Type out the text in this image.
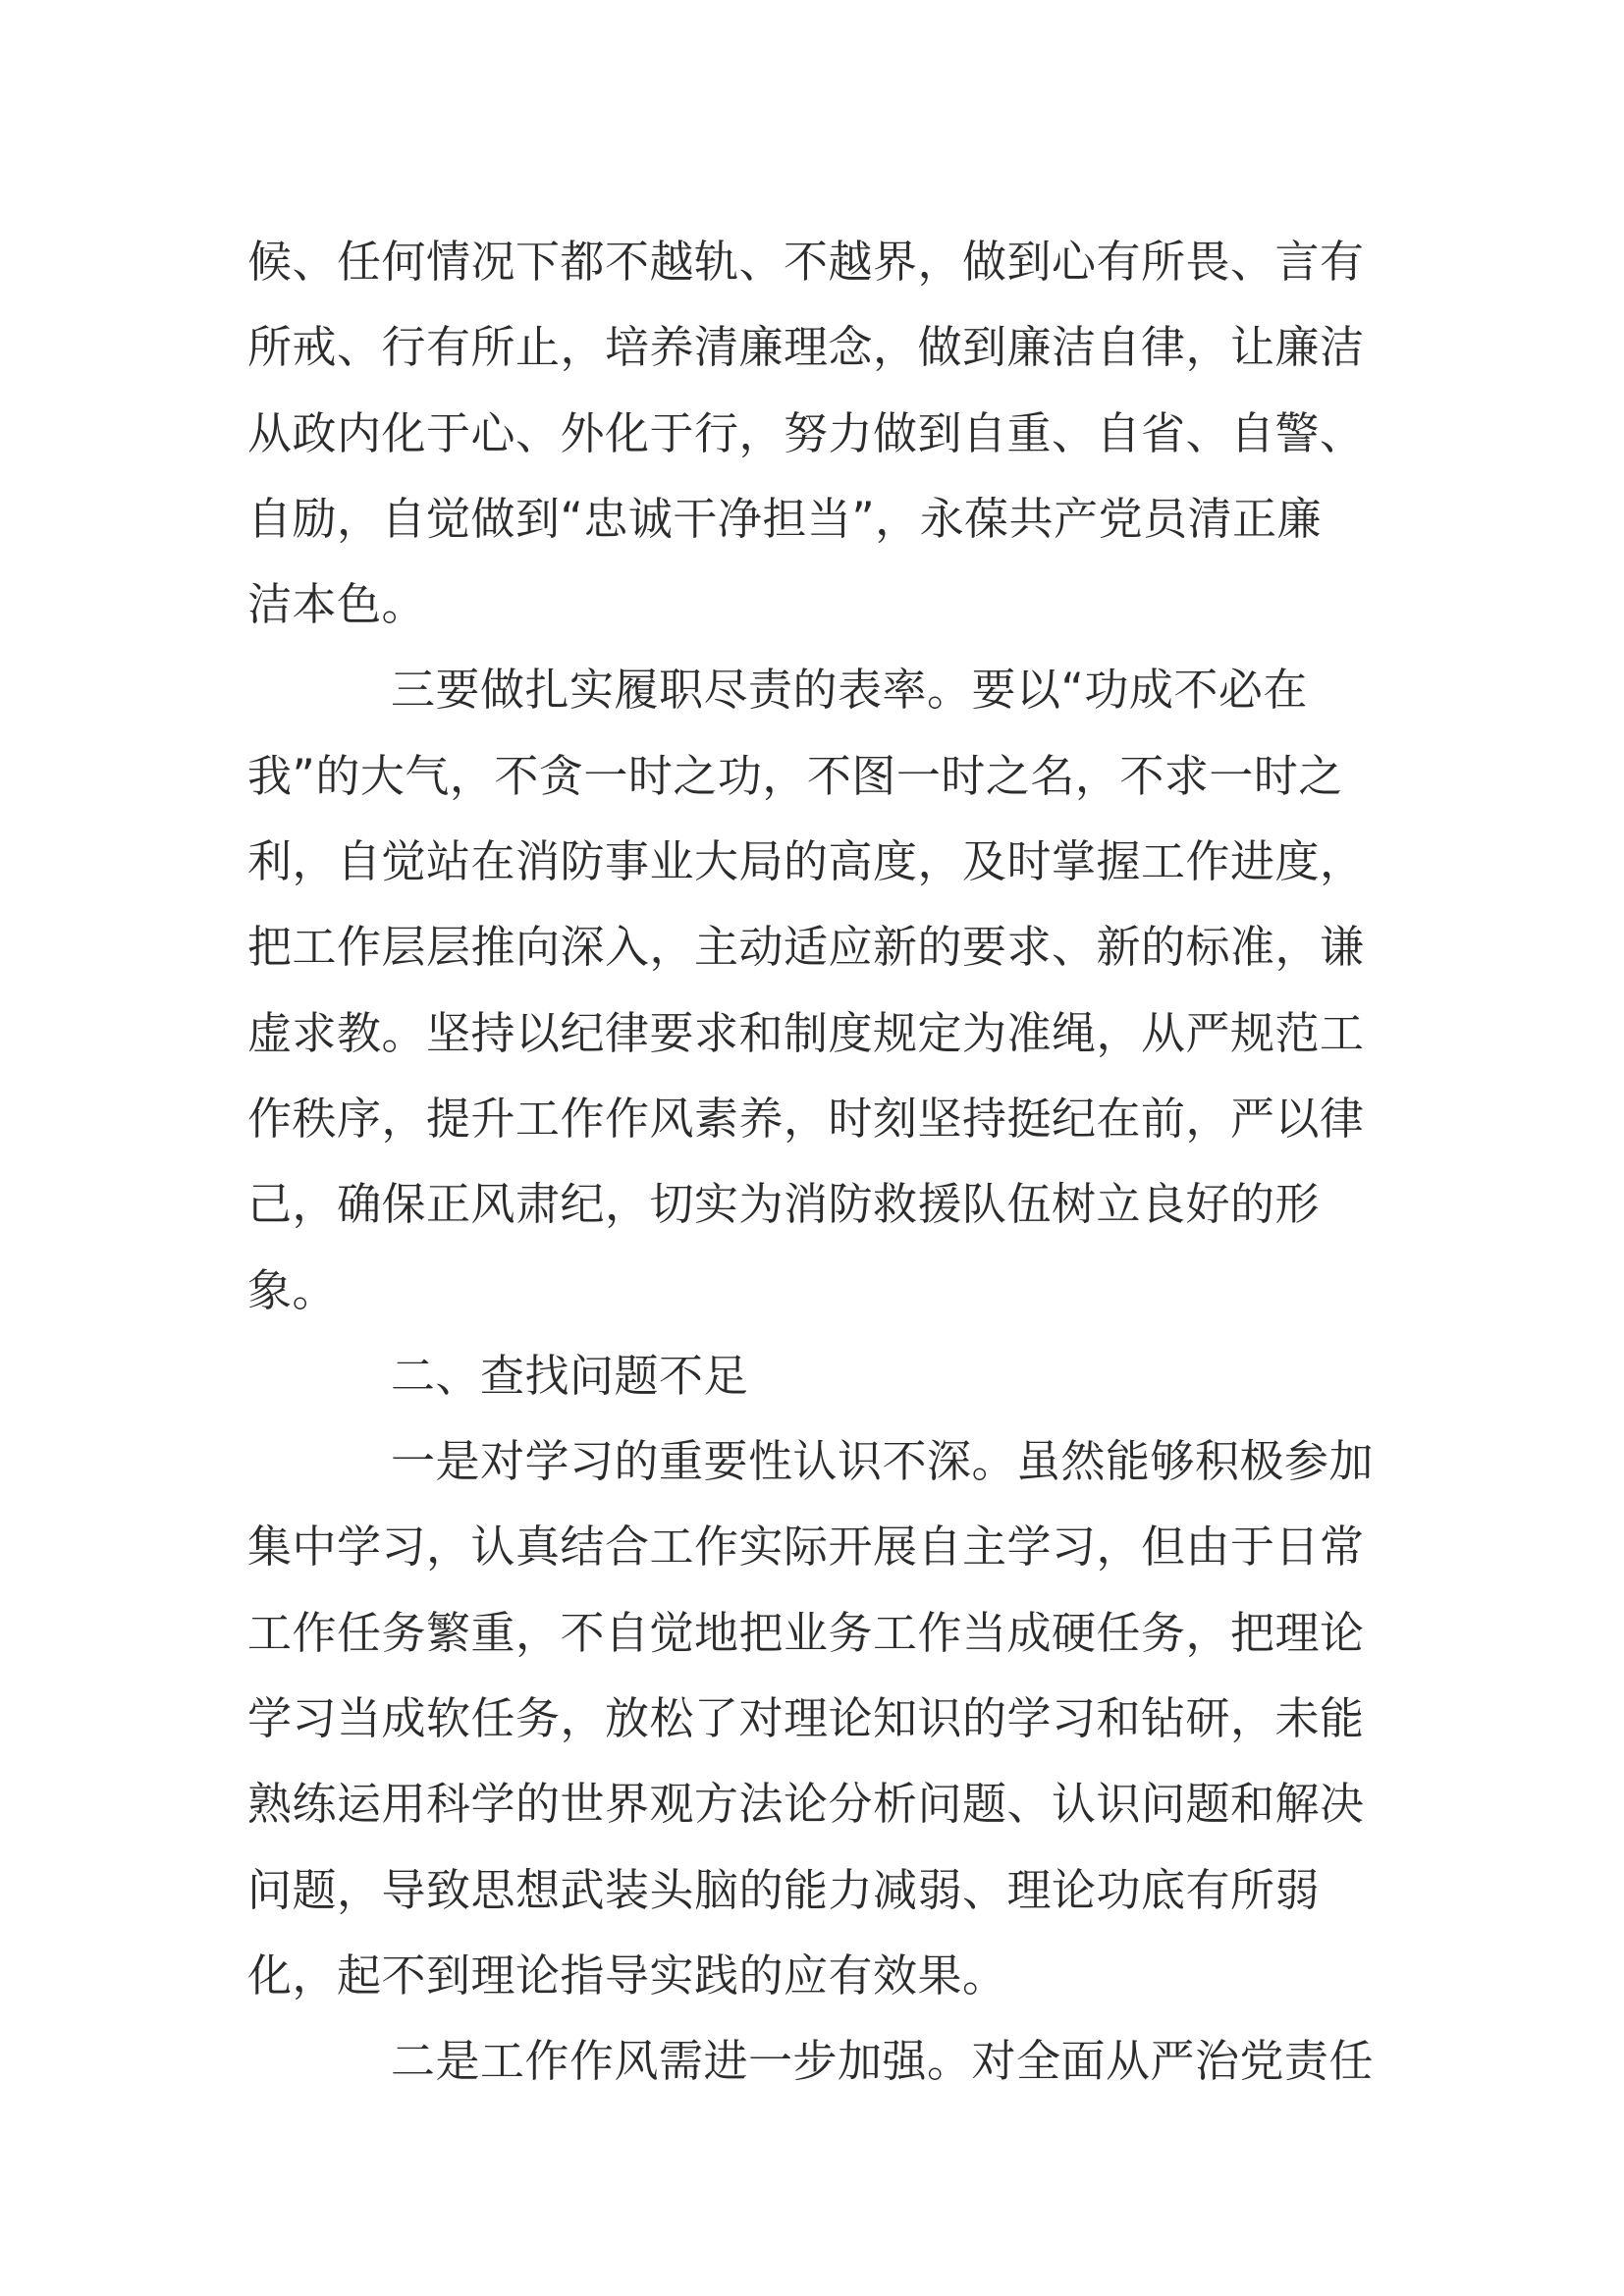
候、任何情况下都不越轨、不越界，做到心有所畏、言有
所戒、行有所止，培养清廉理念，做到廉洁自律，让廉洁
从政内化于心、外化于行，努力做到自重、自省、自警、
自励，自觉做到“忠诚干净担当”，永葆共产党员清正廉
洁本色。
三要做扎实履职尽责的表率。要以“功成不必在
我”的大气，不贪一时之功，不图一时之名，不求一时之
利，自觉站在消防事业大局的高度，及时掌握工作进度，
把工作层层推向深入，主动适应新的要求、新的标准，谦
虚求教。坚持以纪律要求和制度规定为准绳，从严规范工
作秩序，提升工作作风素养，时刻坚持挺纪在前，严以律
己，确保正风肃纪，切实为消防救援队伍树立良好的形
象。
二、查找问题不足
一是对学习的重要性认识不深。虽然能够积极参加
集中学习，认真结合工作实际开展自主学习，但由于日常
工作任务繁重，不自觉地把业务工作当成硬任务，把理论
学习当成软任务，放松了对理论知识的学习和钻研，未能
熟练运用科学的世界观方法论分析问题、认识问题和解决
问题，导致思想武装头脑的能力减弱、理论功底有所弱
化，起不到理论指导实践的应有效果。
二是工作作风需进一步加强。对全面从严治党责任
